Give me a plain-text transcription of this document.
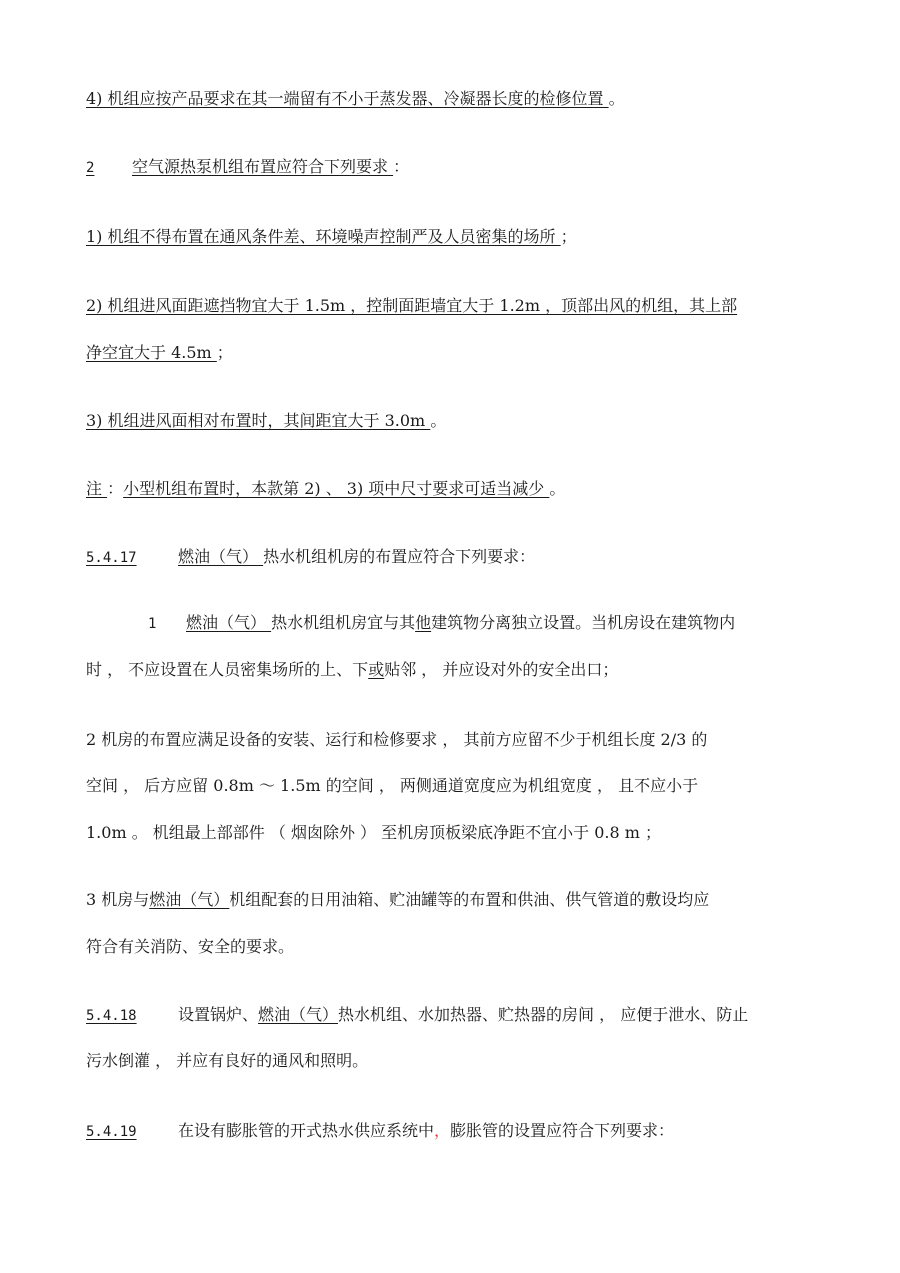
4) 机组应按产品要求在其一端留有不小于蒸发器、冷凝器长度的检修位置 。
2 空气源热泵机组布置应符合下列要求 ：
1) 机组不得布置在通风条件差、环境噪声控制严及人员密集的场所 ；
2) 机组进风面距遮挡物宜大于 1.5m ，控制面距墙宜大于 1.2m ，顶部出风的机组，其上部
净空宜大于 4.5m ；
3) 机组进风面相对布置时，其间距宜大于 3.0m 。
注 ：小型机组布置时，本款第 2) 、 3) 项中尺寸要求可适当减少 。
5.4.17	燃油（气） 热水机组机房的布置应符合下列要求：
1 燃油（气） 热水机组机房宜与其他建筑物分离独立设置。当机房设在建筑物内
时 ， 不应设置在人员密集场所的上、下或贴邻 ， 并应设对外的安全出口；
2 机房的布置应满足设备的安装、运行和检修要求 ， 其前方应留不少于机组长度 2/3 的
空间 ， 后方应留 0.8m ～ 1.5m 的空间 ， 两侧通道宽度应为机组宽度 ， 且不应小于
1.0m 。 机组最上部部件 （ 烟囱除外 ） 至机房顶板梁底净距不宜小于 0.8 m ；
3 机房与燃油（气）机组配套的日用油箱、贮油罐等的布置和供油、供气管道的敷设均应
符合有关消防、安全的要求。
5.4.18	设置锅炉、燃油（气）热水机组、水加热器、贮热器的房间 ， 应便于泄水、防止
污水倒灌 ， 并应有良好的通风和照明。
5.4.19	在设有膨胀管的开式热水供应系统中，膨胀管的设置应符合下列要求：
